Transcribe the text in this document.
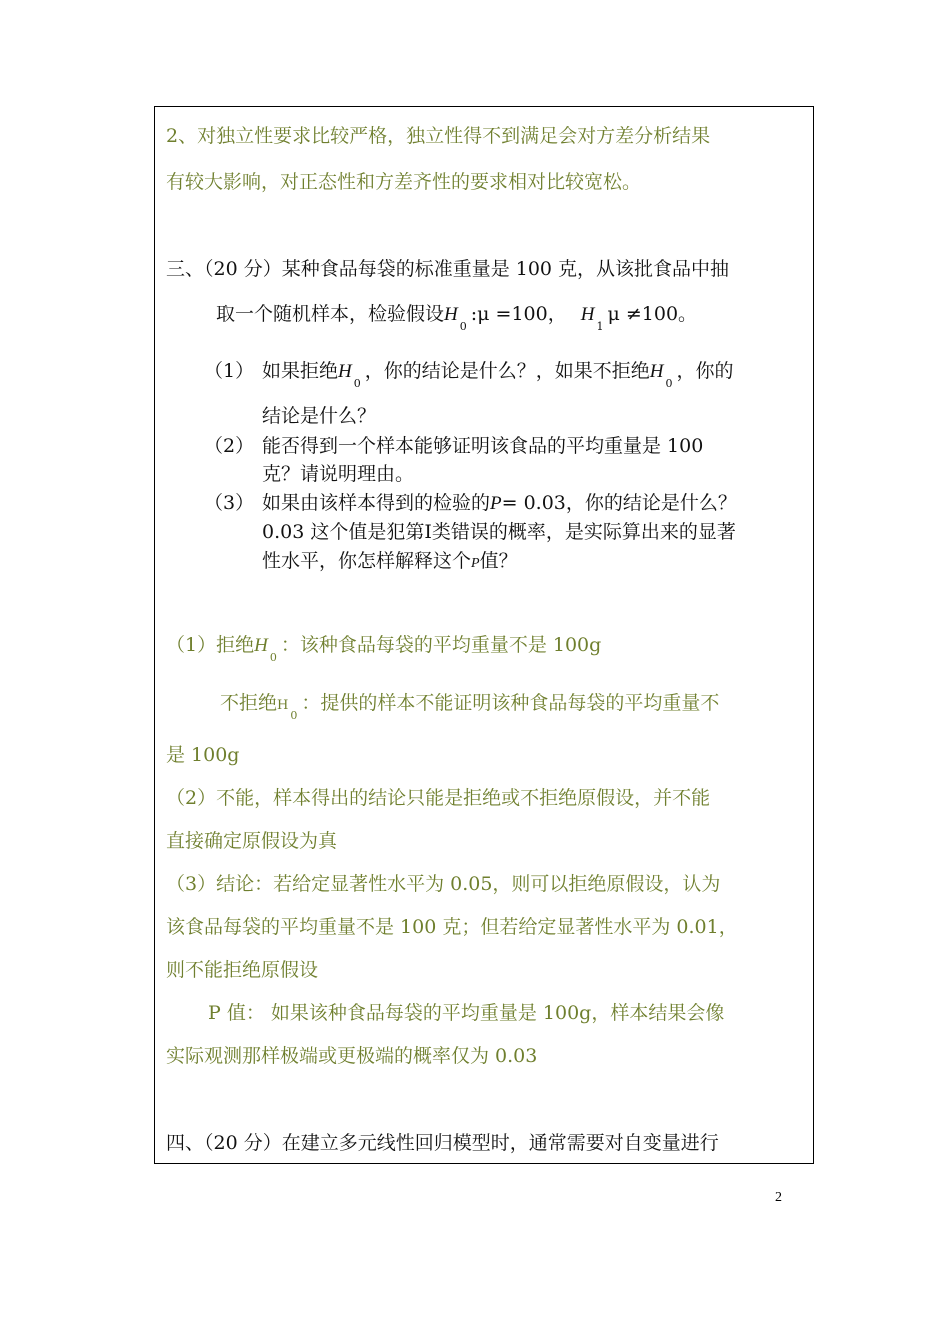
2、对独立性要求比较严格，独立性得不到满足会对方差分析结果
有较大影响，对正态性和方差齐性的要求相对比较宽松。
三、（20 分）某种食品每袋的标准重量是 100 克，从该批食品中抽
取一个随机样本，检验假设$H_0:\mu =100$， $H_1\mu \ne 100$。
（1） 如果拒绝$H_0$，你的结论是什么？，如果不拒绝$H_0$，你的
结论是什么？
（2） 能否得到一个样本能够证明该食品的平均重量是 100
克？请说明理由。
（3） 如果由该样本得到的检验的P= 0.03，你的结论是什么？
0.03 这个值是犯第Ⅰ类错误的概率，是实际算出来的显著
性水平，你怎样解释这个P值？
（1）拒绝$H_0$：该种食品每袋的平均重量不是 100g
不拒绝$H_0$：提供的样本不能证明该种食品每袋的平均重量不
是 100g
（2）不能，样本得出的结论只能是拒绝或不拒绝原假设，并不能
直接确定原假设为真
（3）结论：若给定显著性水平为 0.05，则可以拒绝原假设，认为
该食品每袋的平均重量不是 100 克；但若给定显著性水平为 0.01，
则不能拒绝原假设
P 值： 如果该种食品每袋的平均重量是 100g，样本结果会像
实际观测那样极端或更极端的概率仅为 0.03
四、（20 分）在建立多元线性回归模型时，通常需要对自变量进行
2
